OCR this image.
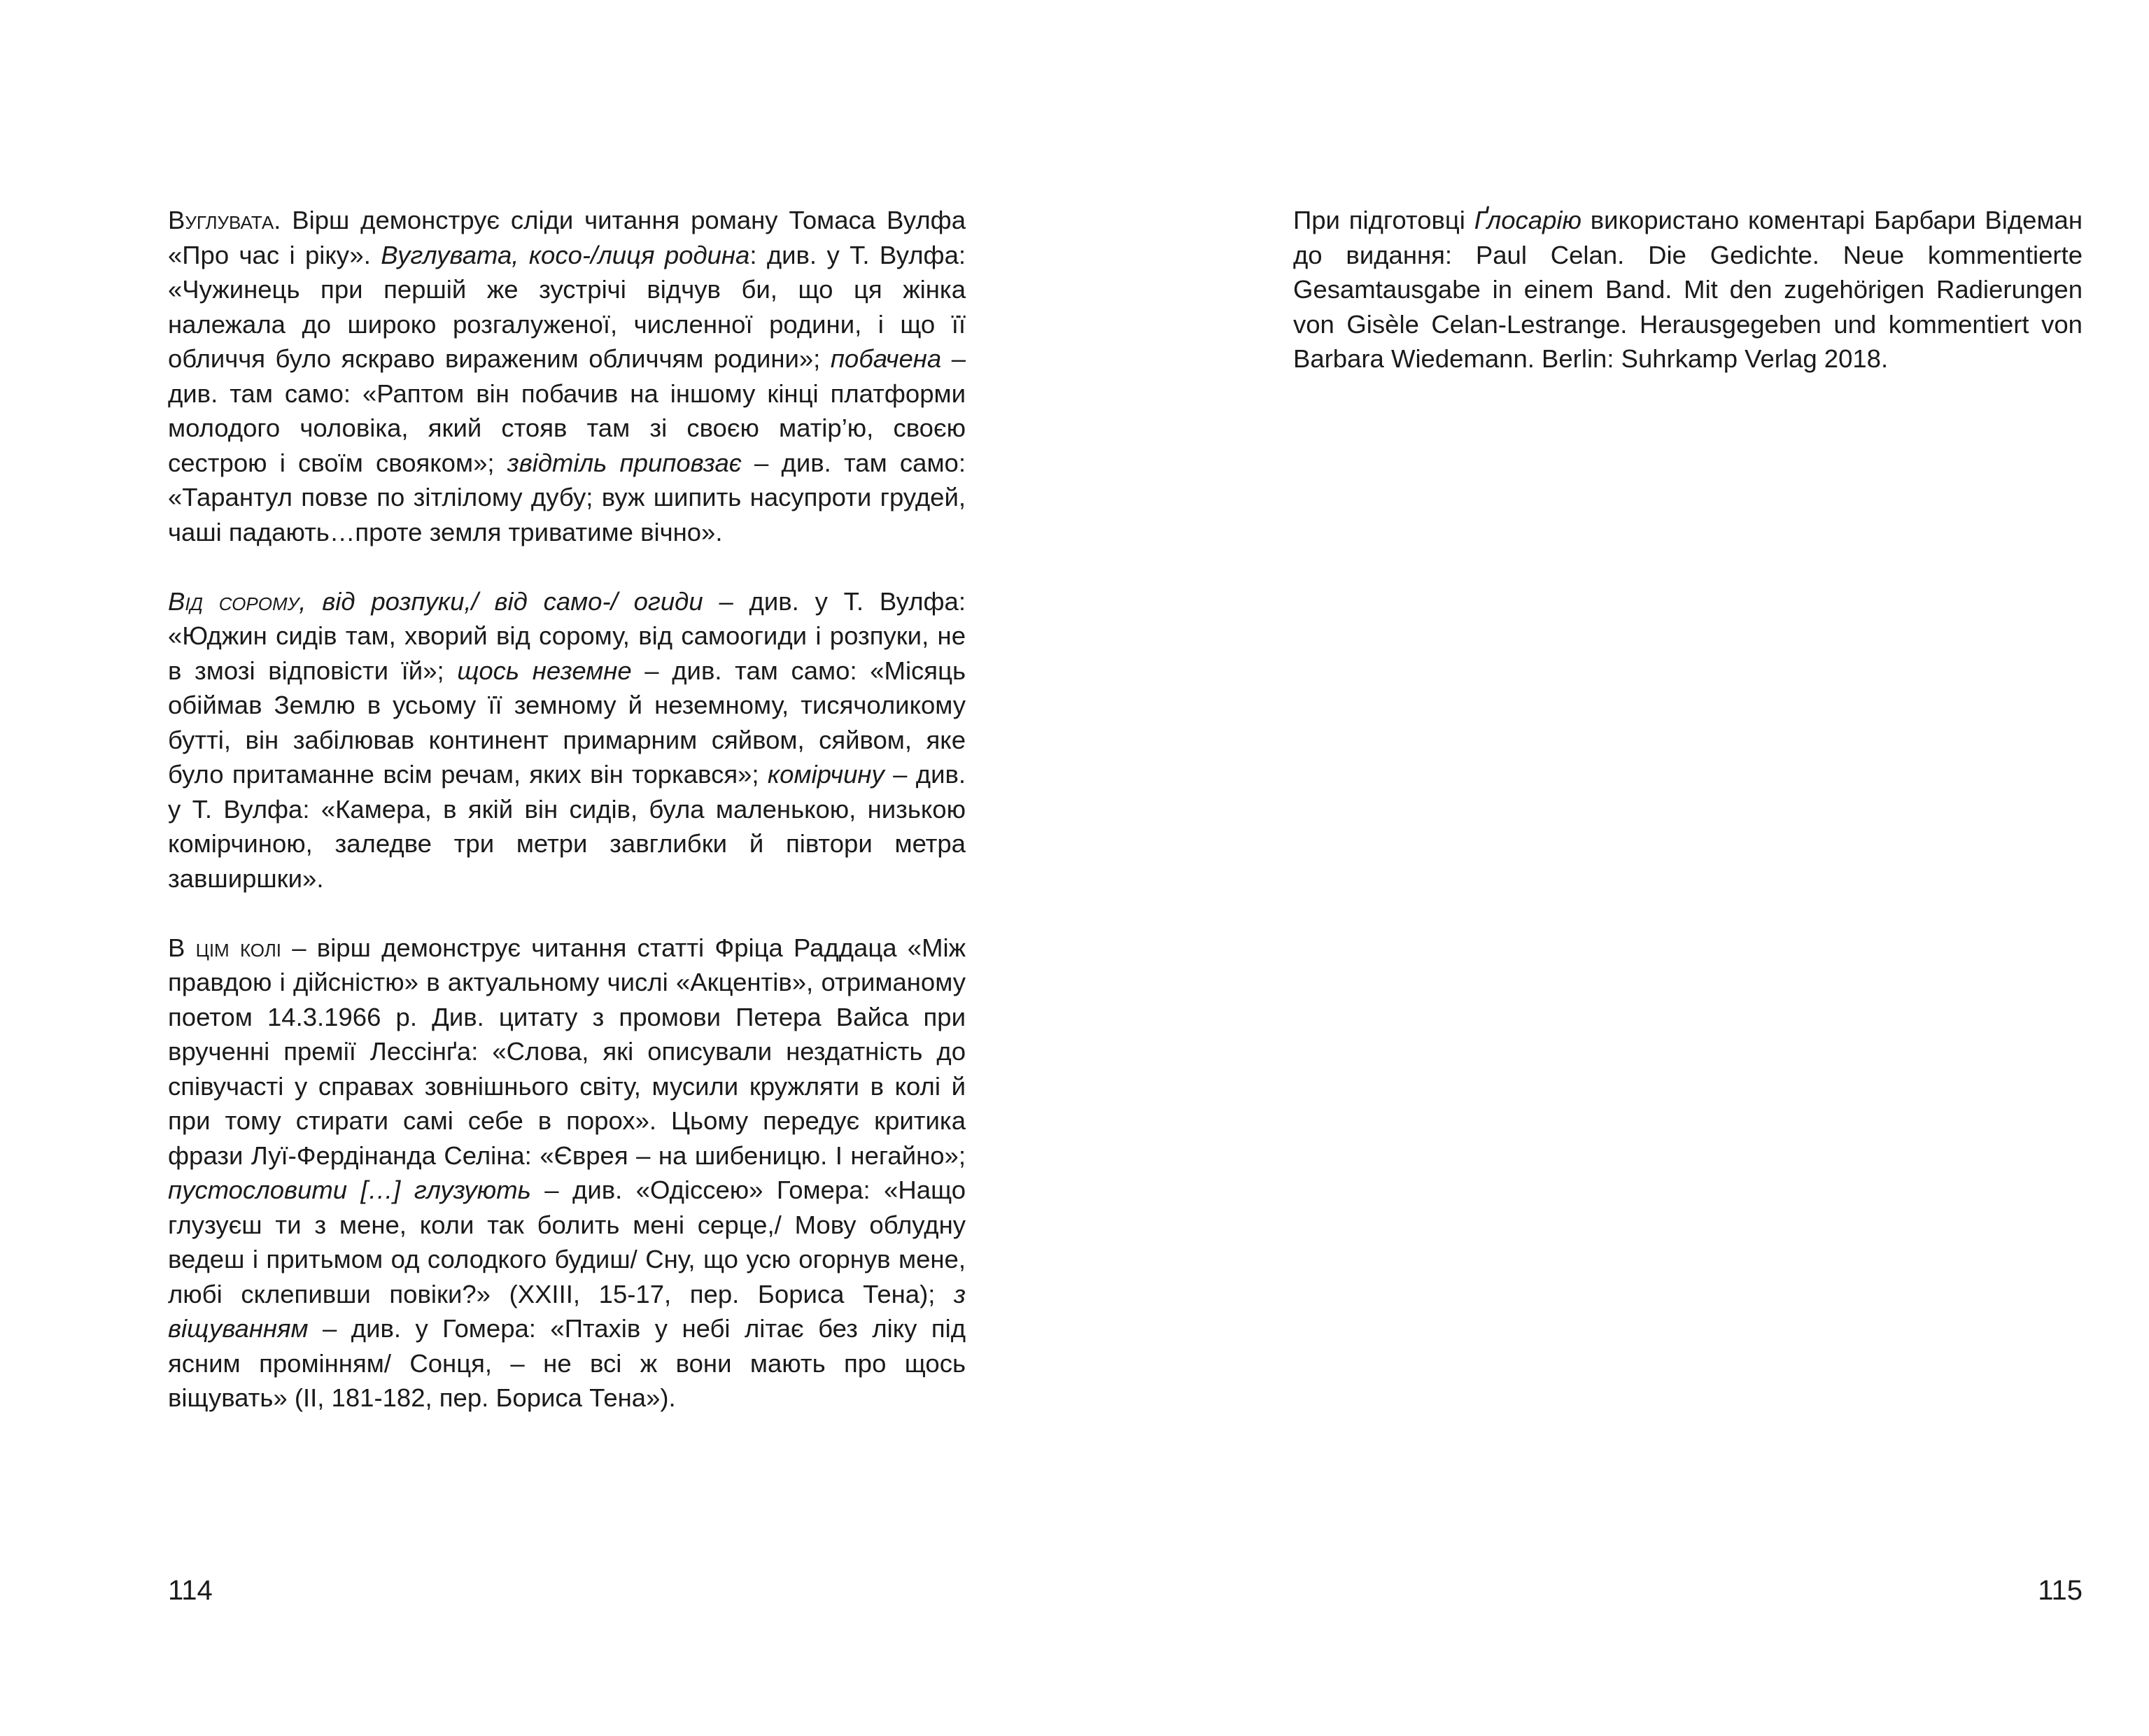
Вуглувата. Вірш демонструє сліди читання роману Томаса Вулфа «Про час і ріку». Вуглувата, косо-/лиця родина: див. у Т. Вулфа: «Чужинець при першій же зустрічі відчув би, що ця жінка належала до широко розгалуженої, численної родини, і що її обличчя було яскраво вираженим обличчям родини»; побачена – див. там само: «Раптом він побачив на іншому кінці платформи молодого чоловіка, який стояв там зі своєю матір’ю, своєю сестрою і своїм свояком»; звідтіль приповзає – див. там само: «Тарантул повзе по зітлілому дубу; вуж шипить насупроти грудей, чаші падають…проте земля триватиме вічно».

Від сорому, від розпуки,/ від само-/ огиди – див. у Т. Вулфа: «Юджин сидів там, хворий від сорому, від самоогиди і розпуки, не в змозі відповісти їй»; щось неземне – див. там само: «Місяць обіймав Землю в усьому її земному й неземному, тисячоликому бутті, він забілював континент примарним сяйвом, сяйвом, яке було притаманне всім речам, яких він торкався»; комірчину – див. у Т. Вулфа: «Камера, в якій він сидів, була маленькою, низькою комірчиною, заледве три метри завглибки й півтори метра завширшки».

В цім колі – вірш демонструє читання статті Фріца Раддаца «Між правдою і дійсністю» в актуальному числі «Акцентів», отриманому поетом 14.3.1966 р. Див. цитату з промови Петера Вайса при врученні премії Лессінґа: «Слова, які описували нездатність до співучасті у справах зовнішнього світу, мусили кружляти в колі й при тому стирати самі себе в порох». Цьому передує критика фрази Луї-Фердінанда Селіна: «Єврея – на шибеницю. І негайно»; пустословити […] глузують – див. «Одіссею» Гомера: «Нащо глузуєш ти з мене, коли так болить мені серце,/ Мову облудну ведеш і притьмом од солодкого будиш/ Сну, що усю огорнув мене, любі склепивши повіки?» (XXIII, 15-17, пер. Бориса Тена); з віщуванням – див. у Гомера: «Птахів у небі літає без ліку під ясним промінням/ Сонця, – не всі ж вони мають про щось віщувать» (II, 181-182, пер. Бориса Тена»).

114

При підготовці Ґлосарію використано коментарі Барбари Відеман до видання: Paul Celan. Die Gedichte. Neue kommentierte Gesamtausgabe in einem Band. Mit den zugehörigen Radierungen von Gisèle Celan-Lestrange. Herausgegeben und kommentiert von Barbara Wiedemann. Berlin: Suhrkamp Verlag 2018.

115
